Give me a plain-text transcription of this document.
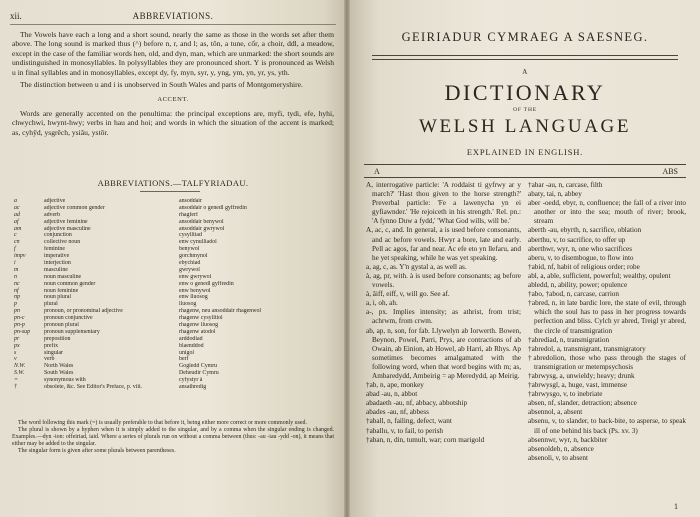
xii.	ABBREVIATIONS.

The Vowels have each a long and a short sound, nearly the same as those in the words set after them above. The long sound is marked thus (^) before n, r, and l; as, tôn, a tune, cốr, a choir, ddl, a meadow, except in the case of the familiar words hen, old, and dyn, man, which are unmarked: the short sounds are undistinguished in monosyllables. In polysyllables they are pronounced short. Y is pronounced as Welsh u in final syllables and in monosyllables, except dy, fy, myn, syr, y, yng, ym, yn, yr, ys, yth.

The distinction between u and i is unobserved in South Wales and parts of Montgomeryshire.

ACCENT.

Words are generally accented on the penultima: the principal exceptions are, myfi, tydi, efe, hyhi, chwychwi, hwynt-hwy; verbs in hau and hoi; and words in which the situation of the accent is marked; as, cyhŷd, ysgrêch, ysiâu, ystôr.

ABBREVIATIONS.—TALFYRIADAU.
a	adjective	ansoddair
ac	adjective common gender	ansoddair o genedl gyffredin
ad	adverb	rhagferf
af	adjective feminine	ansoddair benywol
am	adjective masculine	ansoddair gwrywol
c	conjunction	cysylltiad
cn	collective noun	enw cynulliadol
f	feminine	benywol
impv	imperative	gorchmynol
i	interjection	ebychiad
m	masculine	gwrywol
n	noun masculine	enw gwrywol
nc	noun common gender	enw o genedl gyffredin
nf	noun feminine	enw benywol
np	noun plural	enw lluosog
p	plural	lluosog
pn	pronoun, or pronominal adjective	rhagenw, neu ansoddair rhagenwol
pn-c	pronoun conjunctive	rhagenw cysylltiol
pn-p	pronoun plural	rhagenw lluosog
pn-sup	pronoun supplementary	rhagenw atodol
pr	preposition	arddodiad
px	prefix	blaenddod
s	singular	unigol
v	verb	berf
N.W.	North Wales	Gogledd Cymru
S.W.	South Wales	Deheudir Cymru
=	synonymous with	cyfystyr â
†	obsolete, &c. See Editor's Preface, p. viii.	ansathredig

The word following this mark (=) is usually preferable to that before it, being either more correct or more commonly used.

The plural is shown by a hyphen when it is simply added to the singular, and by a comma when the singular ending is changed. Examples.—dyn -ion: offeiriad, iaid. Where a series of plurals run on without a comma between (thus: -au -iau -ydd -on), it means that either may be added to the singular.

The singular form is given after some plurals between parentheses.

GEIRIADUR CYMRAEG A SAESNEG.
A
DICTIONARY
OF THE
WELSH LANGUAGE
EXPLAINED IN ENGLISH.
A	ABS

A, interrogative particle: 'A roddaist ti gyfrwy ar y march?' 'Hast thou given to the horse strength?' Preverbal particle: 'Fe a lawenycha yn ei gyfiawnder.' 'He rejoiceth in his strength.' Rel. pn.: 'A fynno Duw a fydd,' 'What God wills, will be.'

A, ac, c, and. In general, a is used before consonants, and ac before vowels. Hwyr a bore, late and early. Pell ac agos, far and near. Ac efe eto yn llefaru, and he yet speaking, while he was yet speaking.

a, ag, c, as. Y'n gystal a, as well as.

à, ag, pr, with. à is used before consonants; ag before vowels.

à, âiff, eiff, v, will go. See af.

a, i, oh, ah.

a-, px. Implies intensity; as athrist, from trist; achrwm, from crwm.

ab, ap, n, son, for fab. Llywelyn ab Iorwerth. Bowen, Beynon, Powel, Parri, Prys, are contractions of ab Owain, ab Einion, ab Howel, ab Harri, ab Rhys. Ap sometimes becomes amalgamated with the following word, when that word begins with m; as, Ambaredydd, Ambeirig = ap Meredydd, ap Meirig.

†ab, n, ape, monkey

abad -au, n, abbot

abadaeth -au, nf, abbacy, abbotship

abades -au, nf, abbess

†aball, n, failing, defect, want

†aballu, v, to fail, to perish

†aban, n, din, tumult, war; corn marigold

†abar -au, n, carcase, filth

abaty, tai, n, abbey

aber -oedd, ebyr, n, confluence; the fall of a river into another or into the sea; mouth of river; brook, stream

aberth -au, ebyrth, n, sacrifice, oblation

aberthu, v, to sacrifice, to offer up

aberthwr, wyr, n, one who sacrifices

aberu, v, to disembogue, to flow into

†abid, nf, habit of religious order; robe

abl, a, able, sufficient, powerful; wealthy, opulent

abledd, n, ability, power; opulence

†abo, †abod, n, carcase, carrion

†abred, n, in late bardic lore, the state of evil, through which the soul has to pass in her progress towards perfection and bliss. Cylch yr abred, Treigl yr abred, the circle of transmigration

†abrediad, n, transmigration

†abredol, a, transmigrant, transmigratory

†abredolion, those who pass through the stages of transmigration or metempsychosis

†abrwysg, a, unwieldy; heavy; drunk

†abrwysgl, a, huge, vast, immense

†abrwysgo, v, to inebriate

absen, nf, slander, detraction; absence

absennol, a, absent

absenu, v, to slander, to back-bite, to asperse, to speak ill of one behind his back (Ps. xv. 3)

absennwr, wyr, n, backbiter

absenoldeb, n, absence

absenoli, v, to absent

1
